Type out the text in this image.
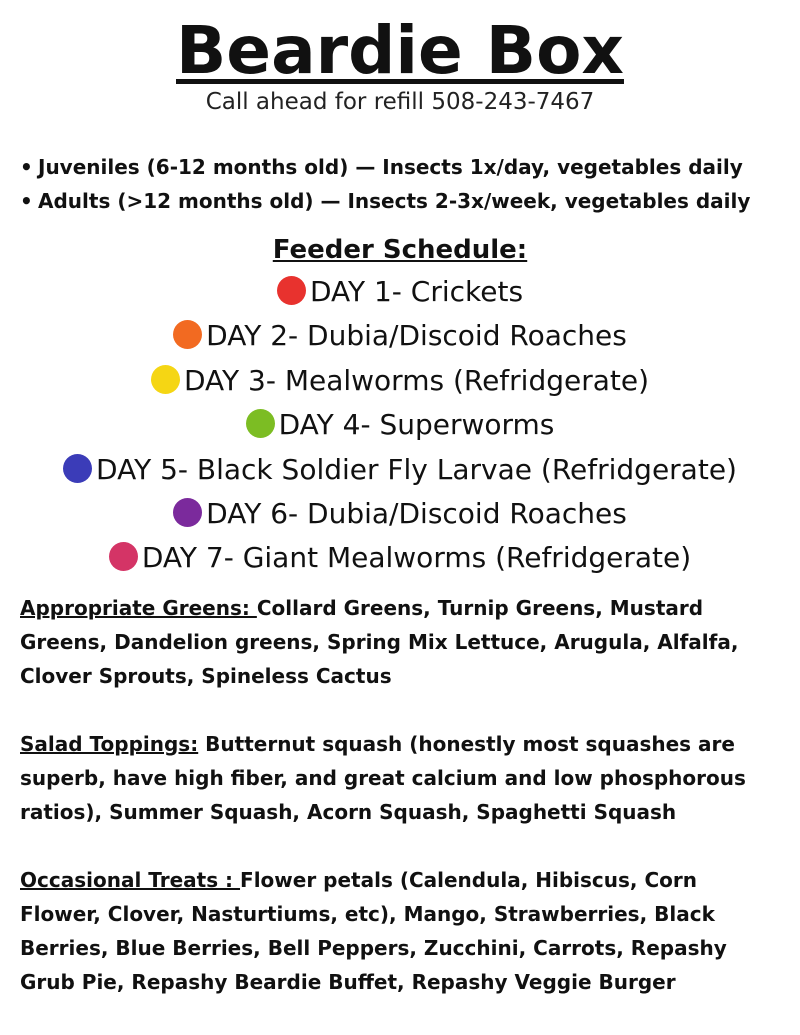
Beardie Box
Call ahead for refill 508-243-7467
• Juveniles (6-12 months old) — Insects 1x/day, vegetables daily
• Adults (>12 months old) — Insects 2-3x/week, vegetables daily
Feeder Schedule:
DAY 1- Crickets
DAY 2- Dubia/Discoid Roaches
DAY 3- Mealworms (Refridgerate)
DAY 4- Superworms
DAY 5- Black Soldier Fly Larvae (Refridgerate)
DAY 6- Dubia/Discoid Roaches
DAY 7- Giant Mealworms (Refridgerate)
Appropriate Greens: Collard Greens, Turnip Greens, Mustard Greens, Dandelion greens, Spring Mix Lettuce, Arugula, Alfalfa, Clover Sprouts, Spineless Cactus
Salad Toppings: Butternut squash (honestly most squashes are superb, have high fiber, and great calcium and low phosphorous ratios), Summer Squash, Acorn Squash, Spaghetti Squash
Occasional Treats : Flower petals (Calendula, Hibiscus, Corn Flower, Clover, Nasturtiums, etc), Mango, Strawberries, Black Berries, Blue Berries, Bell Peppers, Zucchini, Carrots, Repashy Grub Pie, Repashy Beardie Buffet, Repashy Veggie Burger
